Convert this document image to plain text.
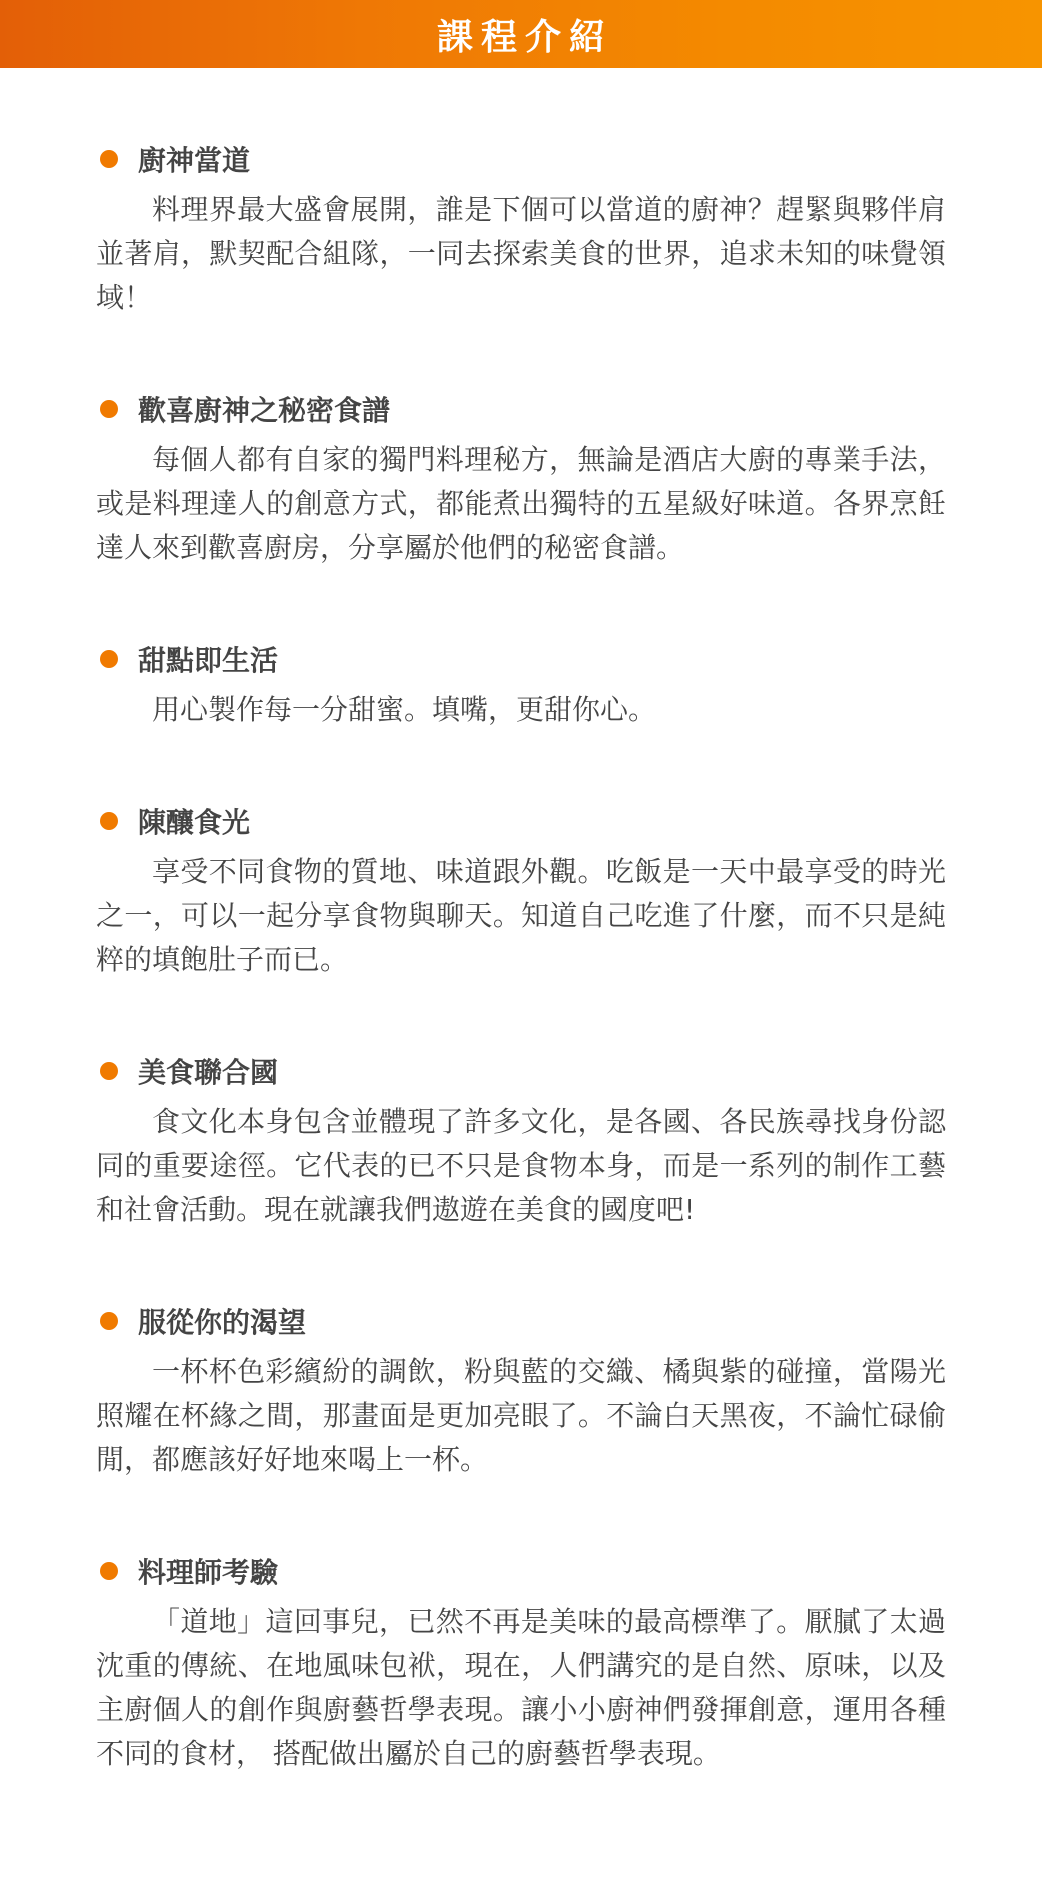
課程介紹
廚神當道

料理界最大盛會展開，誰是下個可以當道的廚神？趕緊與夥伴肩並著肩，默契配合組隊，一同去探索美食的世界，追求未知的味覺領域！

歡喜廚神之秘密食譜

每個人都有自家的獨門料理秘方，無論是酒店大廚的專業手法，或是料理達人的創意方式，都能煮出獨特的五星級好味道。各界烹飪達人來到歡喜廚房，分享屬於他們的秘密食譜。

甜點即生活

用心製作每一分甜蜜。填嘴，更甜你心。

陳釀食光

享受不同食物的質地、味道跟外觀。吃飯是一天中最享受的時光之一，可以一起分享食物與聊天。知道自己吃進了什麼，而不只是純粹的填飽肚子而已。

美食聯合國

食文化本身包含並體現了許多文化，是各國、各民族尋找身份認同的重要途徑。它代表的已不只是食物本身，而是一系列的制作工藝和社會活動。現在就讓我們遨遊在美食的國度吧!

服從你的渴望

一杯杯色彩繽紛的調飲，粉與藍的交織、橘與紫的碰撞，當陽光照耀在杯緣之間，那畫面是更加亮眼了。不論白天黑夜，不論忙碌偷閒，都應該好好地來喝上一杯。

料理師考驗

「道地」這回事兒，已然不再是美味的最高標準了。厭膩了太過沈重的傳統、在地風味包袱，現在，人們講究的是自然、原味，以及主廚個人的創作與廚藝哲學表現。讓小小廚神們發揮創意，運用各種不同的食材， 搭配做出屬於自己的廚藝哲學表現。
